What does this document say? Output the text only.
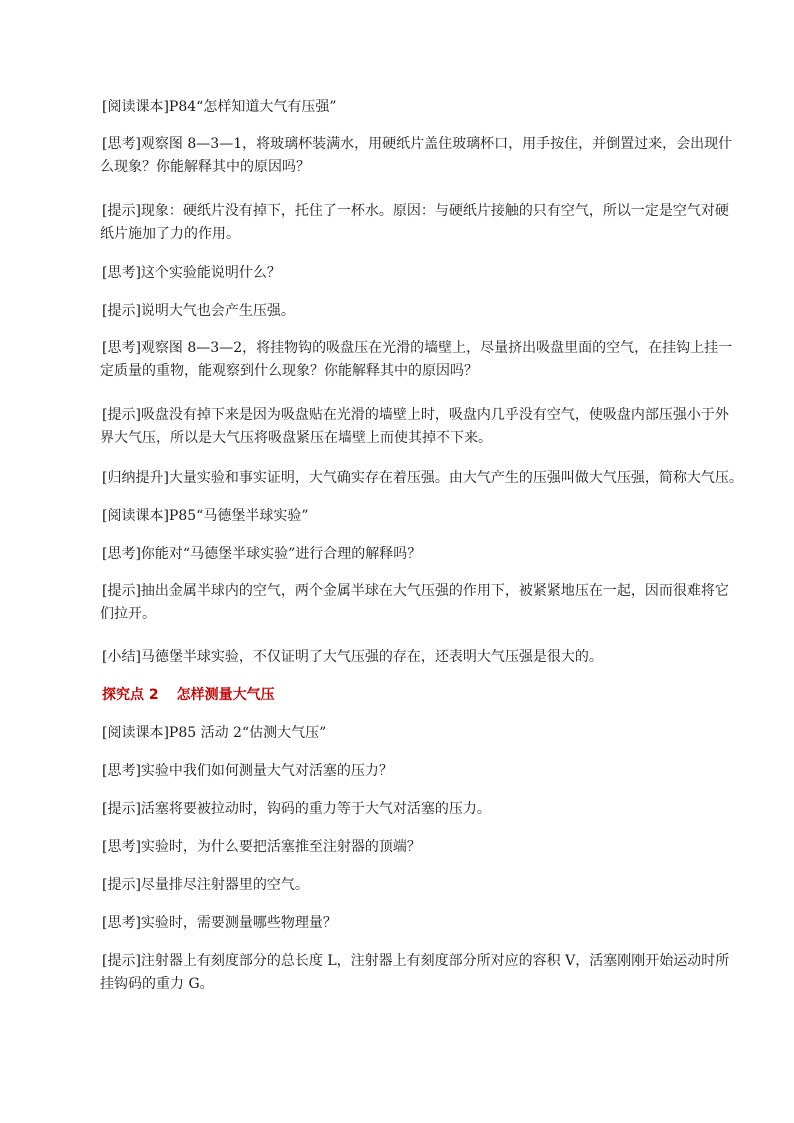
[阅读课本]P84“怎样知道大气有压强”
[思考]观察图 8—3—1，将玻璃杯装满水，用硬纸片盖住玻璃杯口，用手按住，并倒置过来，会出现什
么现象？你能解释其中的原因吗？
[提示]现象：硬纸片没有掉下，托住了一杯水。原因：与硬纸片接触的只有空气，所以一定是空气对硬
纸片施加了力的作用。
[思考]这个实验能说明什么？
[提示]说明大气也会产生压强。
[思考]观察图 8—3—2，将挂物钩的吸盘压在光滑的墙壁上，尽量挤出吸盘里面的空气，在挂钩上挂一
定质量的重物，能观察到什么现象？你能解释其中的原因吗？
[提示]吸盘没有掉下来是因为吸盘贴在光滑的墙壁上时，吸盘内几乎没有空气，使吸盘内部压强小于外
界大气压，所以是大气压将吸盘紧压在墙壁上而使其掉不下来。
[归纳提升]大量实验和事实证明，大气确实存在着压强。由大气产生的压强叫做大气压强，简称大气压。
[阅读课本]P85“马德堡半球实验”
[思考]你能对“马德堡半球实验”进行合理的解释吗？
[提示]抽出金属半球内的空气，两个金属半球在大气压强的作用下，被紧紧地压在一起，因而很难将它
们拉开。
[小结]马德堡半球实验，不仅证明了大气压强的存在，还表明大气压强是很大的。
探究点 2 怎样测量大气压
[阅读课本]P85 活动 2“估测大气压”
[思考]实验中我们如何测量大气对活塞的压力？
[提示]活塞将要被拉动时，钩码的重力等于大气对活塞的压力。
[思考]实验时，为什么要把活塞推至注射器的顶端？
[提示]尽量排尽注射器里的空气。
[思考]实验时，需要测量哪些物理量？
[提示]注射器上有刻度部分的总长度 L，注射器上有刻度部分所对应的容积 V，活塞刚刚开始运动时所
挂钩码的重力 G。
